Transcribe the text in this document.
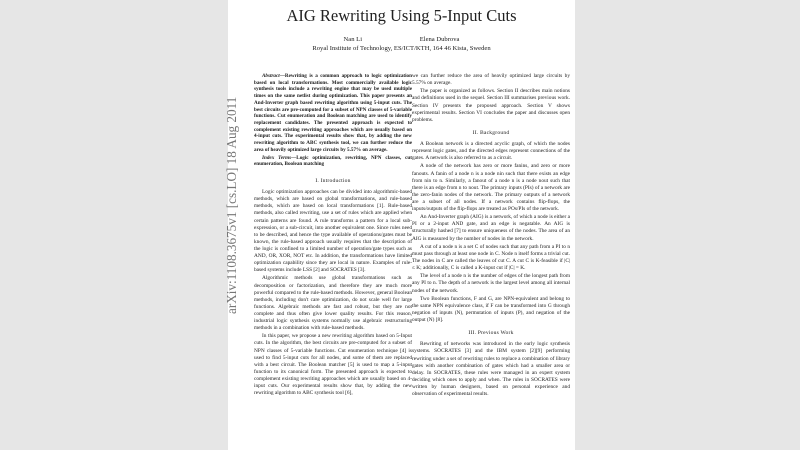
AIG Rewriting Using 5-Input Cuts
Nan Li	Elena Dubrova
Royal Institute of Technology, ES/ICT/KTH, 164 46 Kista, Sweden

Abstract—Rewriting is a common approach to logic optimization based on local transformations. Most commercially available logic synthesis tools include a rewriting engine that may be used multiple times on the same netlist during optimization. This paper presents an And-Inverter graph based rewriting algorithm using 5-input cuts. The best circuits are pre-computed for a subset of NPN classes of 5-variable functions. Cut enumeration and Boolean matching are used to identify replacement candidates. The presented approach is expected to complement existing rewriting approaches which are usually based on 4-input cuts. The experimental results show that, by adding the new rewriting algorithm to ABC synthesis tool, we can further reduce the area of heavily optimized large circuits by 5.57% on average.

Index Terms—Logic optimization, rewriting, NPN classes, cut enumeration, Boolean matching

I. Introduction

Logic optimization approaches can be divided into algorithmic-based methods, which are based on global transformations, and rule-based methods, which are based on local transformations [1]. Rule-based methods, also called rewriting, use a set of rules which are applied when certain patterns are found. A rule transforms a pattern for a local sub-expression, or a sub-circuit, into another equivalent one. Since rules need to be described, and hence the type available of operations/gates must be known, the rule-based approach usually requires that the description of the logic is confined to a limited number of operation/gate types such as AND, OR, XOR, NOT etc. In addition, the transformations have limited optimization capability since they are local in nature. Examples of rule-based systems include LSS [2] and SOCRATES [3].

Algorithmic methods use global transformations such as decomposition or factorization, and therefore they are much more powerful compared to the rule-based methods. However, general Boolean methods, including don't care optimization, do not scale well for large functions. Algebraic methods are fast and robust, but they are not complete and thus often give lower quality results. For this reason, industrial logic synthesis systems normally use algebraic restructuring methods in a combination with rule-based methods.

In this paper, we propose a new rewriting algorithm based on 5-Input cuts. In the algorithm, the best circuits are pre-computed for a subset of NPN classes of 5-variable functions. Cut enumeration technique [4] is used to find 5-input cuts for all nodes, and some of them are replaced with a best circuit. The Boolean matcher [5] is used to map a 5-input function to its canonical form. The presented approach is expected to complement existing rewriting approaches which are usually based on 4-input cuts. Our experimental results show that, by adding the new rewriting algorithm to ABC synthesis tool [6],

we can further reduce the area of heavily optimized large circuits by 5.57% on average.

The paper is organized as follows. Section II describes main notions and definitions used in the sequel. Section III summarises previous work. Section IV presents the proposed approach. Section V shows experimental results. Section VI concludes the paper and discusses open problems.

II. Background

A Boolean network is a directed acyclic graph, of which the nodes represent logic gates, and the directed edges represent connections of the gates. A network is also referred to as a circuit.

A node of the network has zero or more fanins, and zero or more fanouts. A fanin of a node n is a node nin such that there exists an edge from nin to n. Similarly, a fanout of a node n is a node nout such that there is an edge from n to nout. The primary inputs (PIs) of a network are the zero-fanin nodes of the network. The primary outputs of a network are a subset of all nodes. If a network contains flip-flops, the inputs/outputs of the flip-flops are treated as POs/PIs of the network.

An And-Inverter graph (AIG) is a network, of which a node is either a PI or a 2-input AND gate, and an edge is negatable. An AIG is structurally hashed [7] to ensure uniqueness of the nodes. The area of an AIG is measured by the number of nodes in the network.

A cut of a node n is a set C of nodes such that any path from a PI to n must pass through at least one node in C. Node n itself forms a trivial cut. The nodes in C are called the leaves of cut C. A cut C is K-feasible if |C| ≤ K; additionally, C is called a K-input cut if |C| = K.

The level of a node n is the number of edges of the longest path from any PI to n. The depth of a network is the largest level among all internal nodes of the network.

Two Boolean functions, F and G, are NPN-equivalent and belong to the same NPN equivalence class, if F can be transformed into G through negation of inputs (N), permutation of inputs (P), and negation of the output (N) [8].

III. Previous Work

Rewriting of networks was introduced in the early logic synthesis systems. SOCRATES [3] and the IBM system [2][9] performing rewriting under a set of rewriting rules to replace a combination of library gates with another combination of gates which had a smaller area or delay. In SOCRATES, these rules were managed in an expert system deciding which ones to apply and when. The rules in SOCRATES were written by human designers, based on personal experience and observation of experimental results.

arXiv:1108.3675v1 [cs.LO] 18 Aug 2011
